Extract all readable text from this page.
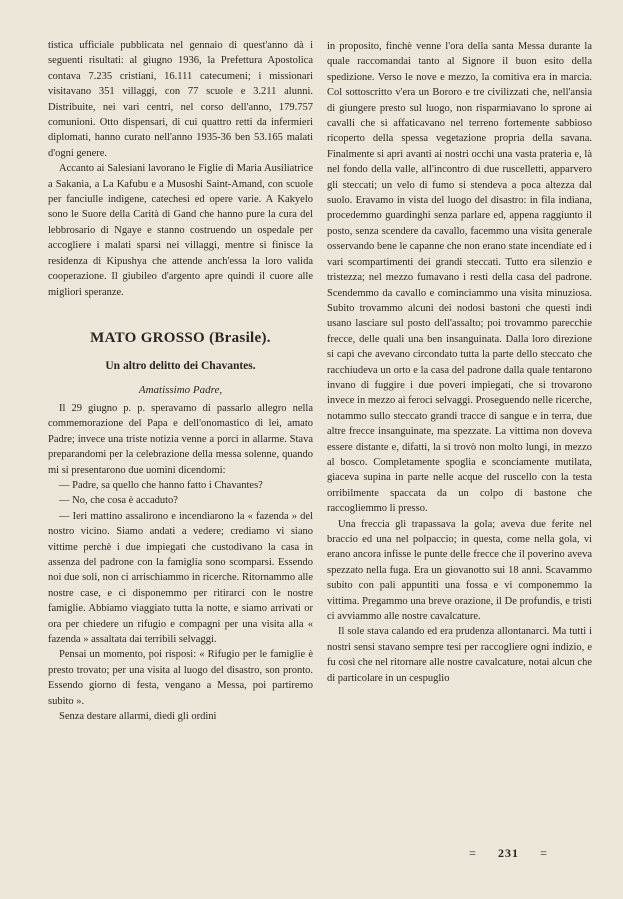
tistica ufficiale pubblicata nel gennaio di quest'anno dà i seguenti risultati: al giugno 1936, la Prefettura Apostolica contava 7.235 cristiani, 16.111 catecumeni; i missionari visitavano 351 villaggi, con 77 scuole e 3.211 alunni. Distribuite, nei vari centri, nel corso dell'anno, 179.757 comunioni. Otto dispensari, di cui quattro retti da infermieri diplomati, hanno curato nell'anno 1935-36 ben 53.165 malati d'ogni genere.

Accanto ai Salesiani lavorano le Figlie di Maria Ausiliatrice a Sakania, a La Kafubu e a Musoshi Saint-Amand, con scuole per fanciulle indigene, catechesi ed opere varie. A Kakyelo sono le Suore della Carità di Gand che hanno pure la cura del lebbrosario di Ngaye e stanno costruendo un ospedale per accogliere i malati sparsi nei villaggi, mentre si finisce la residenza di Kipushya che attende anch'essa la loro valida cooperazione. Il giubileo d'argento apre quindi il cuore alle migliori speranze.

MATO GROSSO (Brasile).
Un altro delitto dei Chavantes.
Amatissimo Padre,

Il 29 giugno p. p. speravamo di passarlo allegro nella commemorazione del Papa e dell'onomastico di lei, amato Padre; invece una triste notizia venne a porci in allarme. Stava preparandomi per la celebrazione della messa solenne, quando mi si presentarono due uomini dicendomi:

— Padre, sa quello che hanno fatto i Chavantes?

— No, che cosa è accaduto?

— Ieri mattino assalirono e incendiarono la « fazenda » del nostro vicino. Siamo andati a vedere; crediamo vi siano vittime perchè i due impiegati che custodivano la casa in assenza del padrone con la famiglia sono scomparsi. Essendo noi due soli, non ci arrischiammo in ricerche. Ritornammo alle nostre case, e ci disponemmo per ritirarci con le nostre famiglie. Abbiamo viaggiato tutta la notte, e siamo arrivati or ora per chiedere un rifugio e compagni per una visita alla « fazenda » assaltata dai terribili selvaggi.

Pensai un momento, poi risposi: « Rifugio per le famiglie è presto trovato; per una visita al luogo del disastro, son pronto. Essendo giorno di festa, vengano a Messa, poi partiremo subito ».

Senza destare allarmi, diedi gli ordini

in proposito, finchè venne l'ora della santa Messa durante la quale raccomandai tanto al Signore il buon esito della spedizione. Verso le nove e mezzo, la comitiva era in marcia. Col sottoscritto v'era un Bororo e tre civilizzati che, nell'ansia di giungere presto sul luogo, non risparmiavano lo sprone ai cavalli che si affaticavano nel terreno fortemente sabbioso ricoperto della spessa vegetazione propria della savana. Finalmente si aprì avanti ai nostri occhi una vasta prateria e, là nel fondo della valle, all'incontro di due ruscelletti, apparvero gli steccati; un velo di fumo si stendeva a poca altezza dal suolo. Eravamo in vista del luogo del disastro: in fila indiana, procedemmo guardinghi senza parlare ed, appena raggiunto il posto, senza scendere da cavallo, facemmo una visita generale osservando bene le capanne che non erano state incendiate ed i vari scompartimenti dei grandi steccati. Tutto era silenzio e tristezza; nel mezzo fumavano i resti della casa del padrone. Scendemmo da cavallo e cominciammo una visita minuziosa. Subito trovammo alcuni dei nodosi bastoni che questi indi usano lasciare sul posto dell'assalto; poi trovammo parecchie frecce, delle quali una ben insanguinata. Dalla loro direzione si capì che avevano circondato tutta la parte dello steccato che racchiudeva un orto e la casa del padrone dalla quale tentarono invano di fuggire i due poveri impiegati, che si trovarono invece in mezzo ai feroci selvaggi. Proseguendo nelle ricerche, notammo sullo steccato grandi tracce di sangue e in terra, due altre frecce insanguinate, ma spezzate. La vittima non doveva essere distante e, difatti, la si trovò non molto lungi, in mezzo al bosco. Completamente spoglia e sconciamente mutilata, giaceva supina in parte nelle acque del ruscello con la testa orribilmente spaccata da un colpo di bastone che raccogliemmo lì presso.

Una freccia gli trapassava la gola; aveva due ferite nel braccio ed una nel polpaccio; in questa, come nella gola, vi erano ancora infisse le punte delle frecce che il poverino aveva spezzato nella fuga. Era un giovanotto sui 18 anni. Scavammo subito con pali appuntiti una fossa e vi componemmo la vittima. Pregammo una breve orazione, il De profundis, e tristi ci avviammo alle nostre cavalcature.

Il sole stava calando ed era prudenza allontanarci. Ma tutti i nostri sensi stavano sempre tesi per raccogliere ogni indizio, e fu così che nel ritornare alle nostre cavalcature, notai alcun che di particolare in un cespuglio

= 231 =
